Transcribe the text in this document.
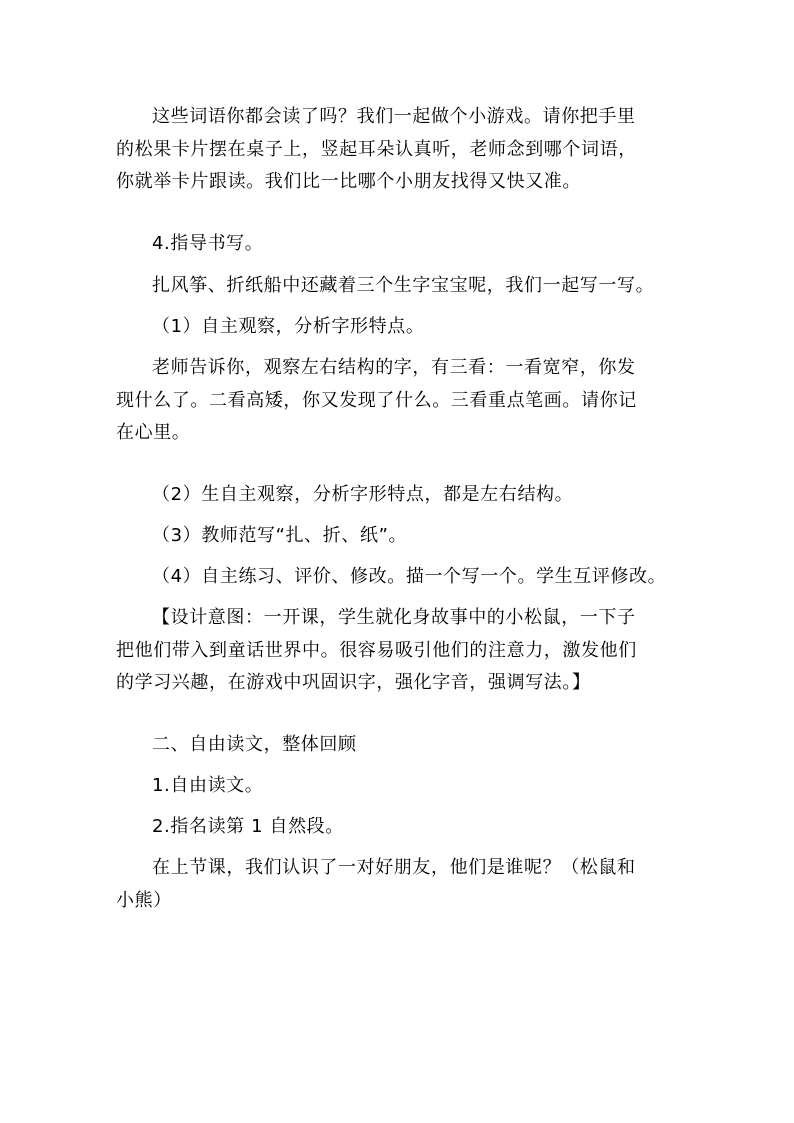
这些词语你都会读了吗？我们一起做个小游戏。请你把手里
的松果卡片摆在桌子上，竖起耳朵认真听，老师念到哪个词语，
你就举卡片跟读。我们比一比哪个小朋友找得又快又准。

4.指导书写。

扎风筝、折纸船中还藏着三个生字宝宝呢，我们一起写一写。

（1）自主观察，分析字形特点。

老师告诉你，观察左右结构的字，有三看：一看宽窄，你发
现什么了。二看高矮，你又发现了什么。三看重点笔画。请你记
在心里。

（2）生自主观察，分析字形特点，都是左右结构。

（3）教师范写“扎、折、纸”。

（4）自主练习、评价、修改。描一个写一个。学生互评修改。

【设计意图：一开课，学生就化身故事中的小松鼠，一下子
把他们带入到童话世界中。很容易吸引他们的注意力，激发他们
的学习兴趣，在游戏中巩固识字，强化字音，强调写法。】

二、自由读文，整体回顾

1.自由读文。

2.指名读第 1 自然段。

在上节课，我们认识了一对好朋友，他们是谁呢？（松鼠和
小熊）
